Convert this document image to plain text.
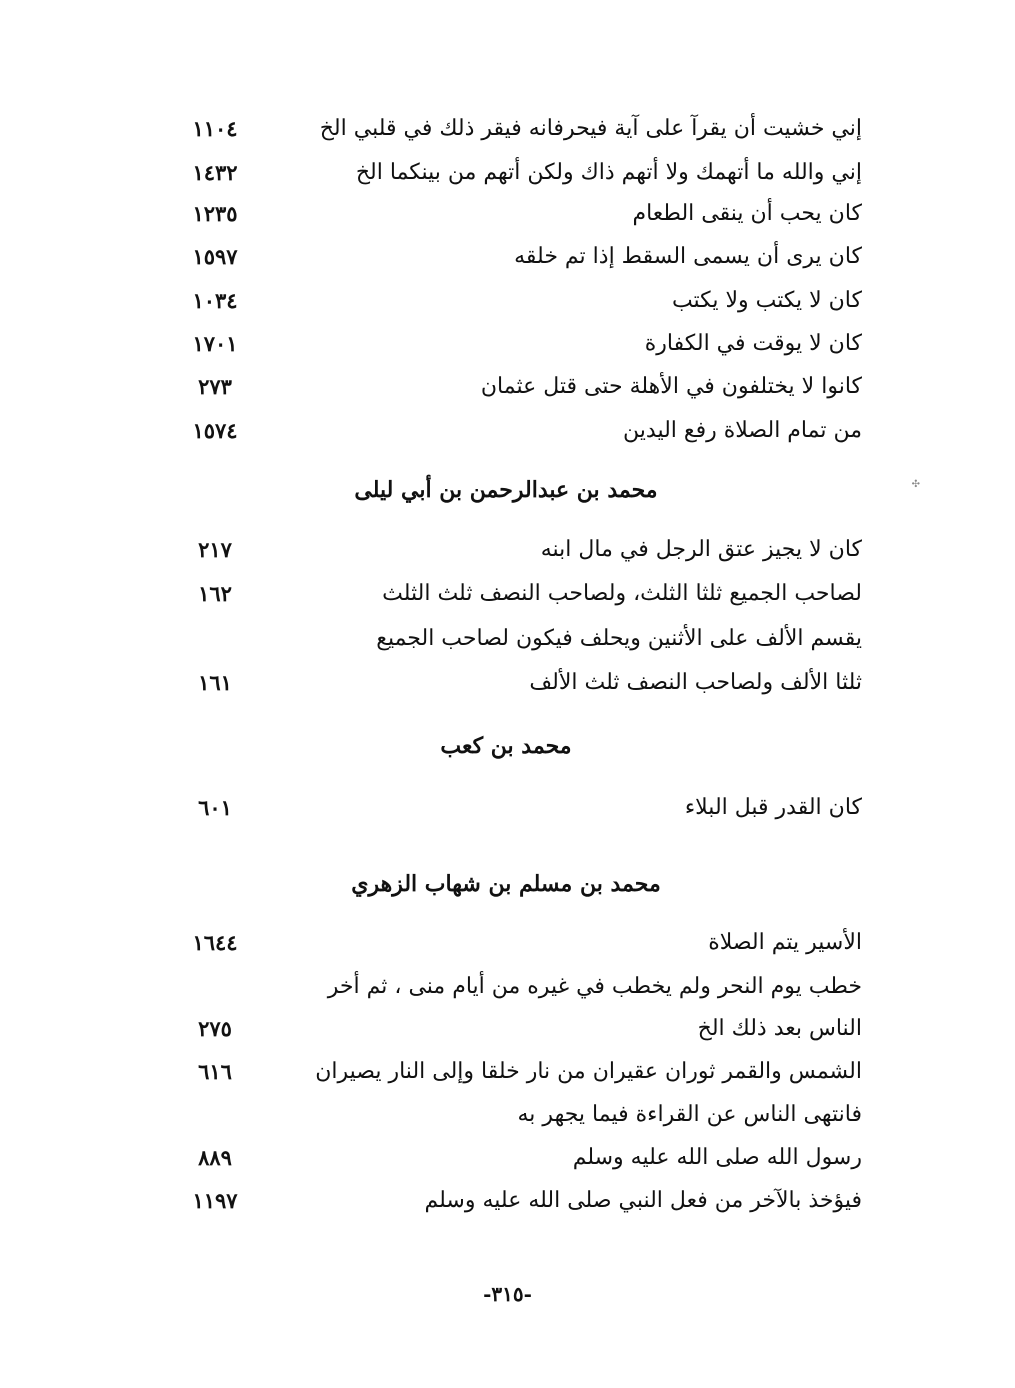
إني خشيت أن يقرآ على آية فيحرفانه فيقر ذلك في قلبي الخ
١١٠٤
إني والله ما أتهمك ولا أتهم ذاك ولكن أتهم من بينكما الخ
١٤٣٢
كان يحب أن ينقى الطعام
١٢٣٥
كان يرى أن يسمى السقط إذا تم خلقه
١٥٩٧
كان لا يكتب ولا يكتب
١٠٣٤
كان لا يوقت في الكفارة
١٧٠١
كانوا لا يختلفون في الأهلة حتى قتل عثمان
٢٧٣
من تمام الصلاة رفع اليدين
١٥٧٤
محمد بن عبدالرحمن بن أبي ليلى	✣
كان لا يجيز عتق الرجل في مال ابنه
٢١٧
لصاحب الجميع ثلثا الثلث، ولصاحب النصف ثلث الثلث
١٦٢
يقسم الألف على الأثنين ويحلف فيكون لصاحب الجميع
ثلثا الألف ولصاحب النصف ثلث الألف
١٦١
محمد بن كعب
كان القدر قبل البلاء
٦٠١
محمد بن مسلم بن شهاب الزهري
الأسير يتم الصلاة
١٦٤٤
خطب يوم النحر ولم يخطب في غيره من أيام منى ، ثم أخر
الناس بعد ذلك الخ
٢٧٥
الشمس والقمر ثوران عقيران من نار خلقا وإلى النار يصيران
٦١٦
فانتهى الناس عن القراءة فيما يجهر به
رسول الله صلى الله عليه وسلم
٨٨٩
فيؤخذ بالآخر من فعل النبي صلى الله عليه وسلم
١١٩٧
-٣١٥-
